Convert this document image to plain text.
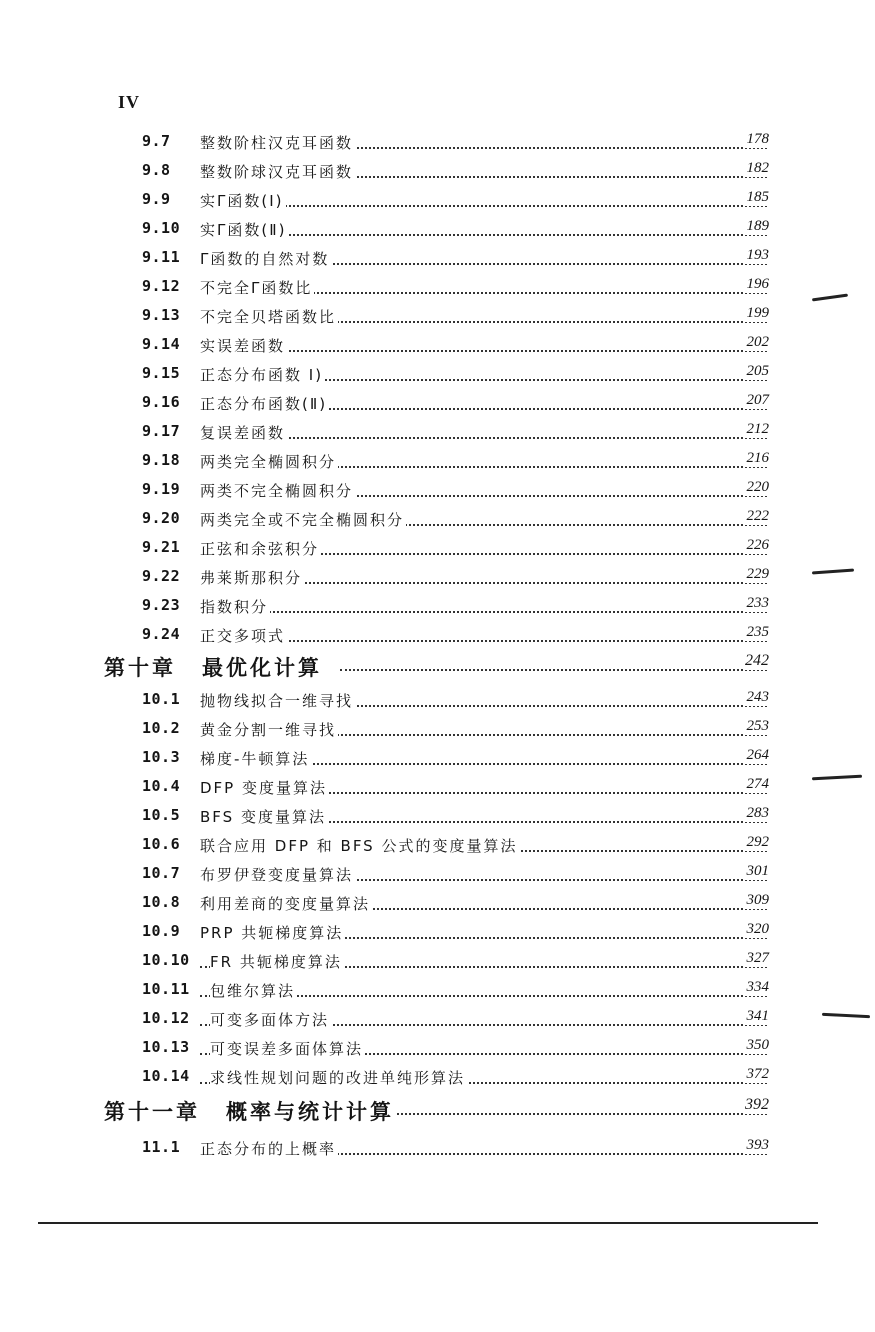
IV
9.7 整数阶柱汉克耳函数	178
9.8 整数阶球汉克耳函数	182
9.9 实Γ函数(Ⅰ)	185
9.10 实Γ函数(Ⅱ)	189
9.11 Γ函数的自然对数	193
9.12 不完全Γ函数比	196
9.13 不完全贝塔函数比	199
9.14 实误差函数	202
9.15 正态分布函数 Ⅰ)	205
9.16 正态分布函数(Ⅱ)	207
9.17 复误差函数	212
9.18 两类完全椭圆积分	216
9.19 两类不完全椭圆积分	220
9.20 两类完全或不完全椭圆积分	222
9.21 正弦和余弦积分	226
9.22 弗莱斯那积分	229
9.23 指数积分	233
9.24 正交多项式	235
第十章 最优化计算	242
10.1 抛物线拟合一维寻找	243
10.2 黄金分割一维寻找	253
10.3 梯度-牛顿算法	264
10.4 DFP 变度量算法	274
10.5 BFS 变度量算法	283
10.6 联合应用 DFP 和 BFS 公式的变度量算法	292
10.7 布罗伊登变度量算法	301
10.8 利用差商的变度量算法	309
10.9 PRP 共轭梯度算法	320
10.10 FR 共轭梯度算法	327
10.11 包维尔算法	334
10.12 可变多面体方法	341
10.13 可变误差多面体算法	350
10.14 求线性规划问题的改进单纯形算法	372
第十一章 概率与统计计算	392
11.1 正态分布的上概率	393
